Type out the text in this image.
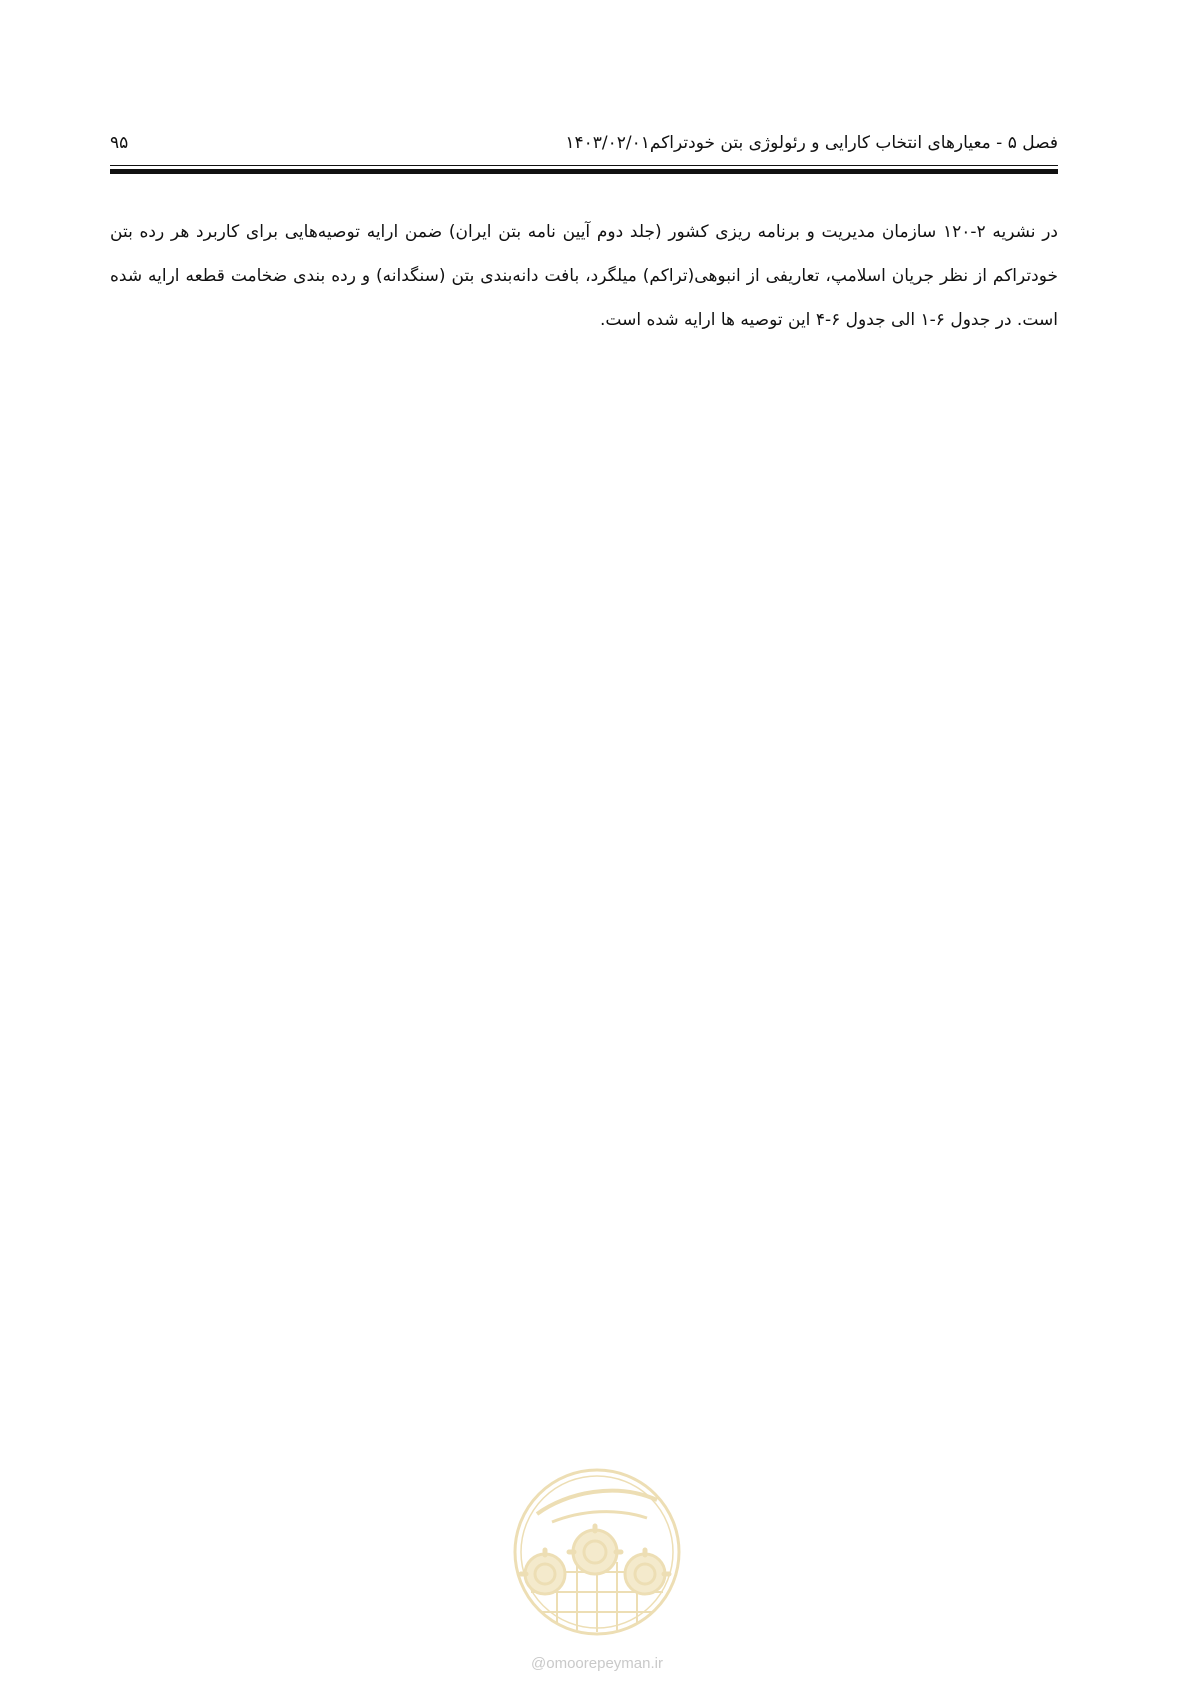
فصل ۵ - معیارهای انتخاب کارایی و رئولوژی بتن خودتراکم۱۴۰۳/۰۲/۰۱
۹۵
در نشریه ۲-۱۲۰ سازمان مدیریت و برنامه ریزی کشور (جلد دوم آیین نامه بتن ایران) ضمن ارایه توصیه‌هایی برای کاربرد هر رده بتن خودتراکم از نظر جریان اسلامپ، تعاریفی از انبوهی(تراکم) میلگرد، بافت دانه‌بندی بتن (سنگدانه) و رده بندی ضخامت قطعه ارایه شده است. در جدول ۶-۱ الی جدول ۶-۴ این توصیه ها ارایه شده است.
@omoorepeyman.ir
